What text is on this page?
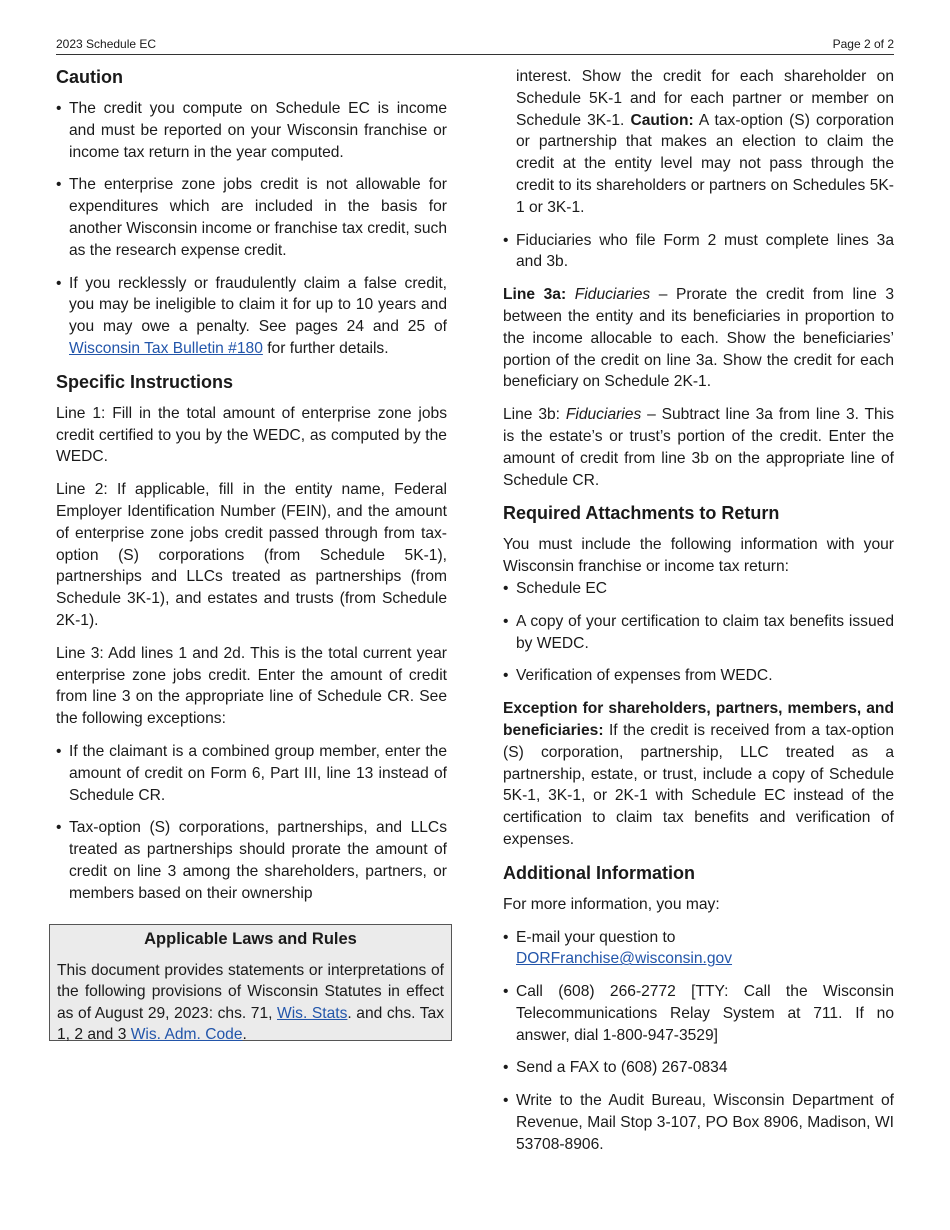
2023 Schedule EC	Page 2 of 2
Caution
• The credit you compute on Schedule EC is income and must be reported on your Wisconsin franchise or income tax return in the year computed.
• The enterprise zone jobs credit is not allowable for expenditures which are included in the basis for another Wisconsin income or franchise tax credit, such as the research expense credit.
• If you recklessly or fraudulently claim a false credit, you may be ineligible to claim it for up to 10 years and you may owe a penalty. See pages 24 and 25 of Wisconsin Tax Bulletin #180 for further details.
Specific Instructions

Line 1: Fill in the total amount of enterprise zone jobs credit certified to you by the WEDC, as computed by the WEDC.

Line 2: If applicable, fill in the entity name, Federal Employer Identification Number (FEIN), and the amount of enterprise zone jobs credit passed through from tax-option (S) corporations (from Schedule 5K-1), partnerships and LLCs treated as partnerships (from Schedule 3K-1), and estates and trusts (from Schedule 2K-1).

Line 3: Add lines 1 and 2d. This is the total current year enterprise zone jobs credit. Enter the amount of credit from line 3 on the appropriate line of Schedule CR. See the following exceptions:

• If the claimant is a combined group member, enter the amount of credit on Form 6, Part III, line 13 instead of Schedule CR.
• Tax-option (S) corporations, partnerships, and LLCs treated as partnerships should prorate the amount of credit on line 3 among the shareholders, partners, or members based on their ownership
Applicable Laws and Rules

This document provides statements or interpretations of the following provisions of Wisconsin Statutes in effect as of August 29, 2023: chs. 71, Wis. Stats. and chs. Tax 1, 2 and 3 Wis. Adm. Code.

interest. Show the credit for each shareholder on Schedule 5K-1 and for each partner or member on Schedule 3K-1. Caution: A tax-option (S) corporation or partnership that makes an election to claim the credit at the entity level may not pass through the credit to its shareholders or partners on Schedules 5K-1 or 3K-1.
• Fiduciaries who file Form 2 must complete lines 3a and 3b.

Line 3a: Fiduciaries – Prorate the credit from line 3 between the entity and its beneficiaries in proportion to the income allocable to each. Show the beneficiaries’ portion of the credit on line 3a. Show the credit for each beneficiary on Schedule 2K-1.

Line 3b: Fiduciaries – Subtract line 3a from line 3. This is the estate’s or trust’s portion of the credit. Enter the amount of credit from line 3b on the appropriate line of Schedule CR.

Required Attachments to Return

You must include the following information with your Wisconsin franchise or income tax return:

• Schedule EC
• A copy of your certification to claim tax benefits issued by WEDC.
• Verification of expenses from WEDC.

Exception for shareholders, partners, members, and beneficiaries: If the credit is received from a tax-option (S) corporation, partnership, LLC treated as a partnership, estate, or trust, include a copy of Schedule 5K-1, 3K-1, or 2K-1 with Schedule EC instead of the certification to claim tax benefits and verification of expenses.

Additional Information

For more information, you may:

• E-mail your question to
DORFranchise@wisconsin.gov
• Call (608) 266-2772 [TTY: Call the Wisconsin Telecommunications Relay System at 711. If no answer, dial 1-800-947-3529]
• Send a FAX to (608) 267-0834
• Write to the Audit Bureau, Wisconsin Department of Revenue, Mail Stop 3-107, PO Box 8906, Madison, WI 53708-8906.
